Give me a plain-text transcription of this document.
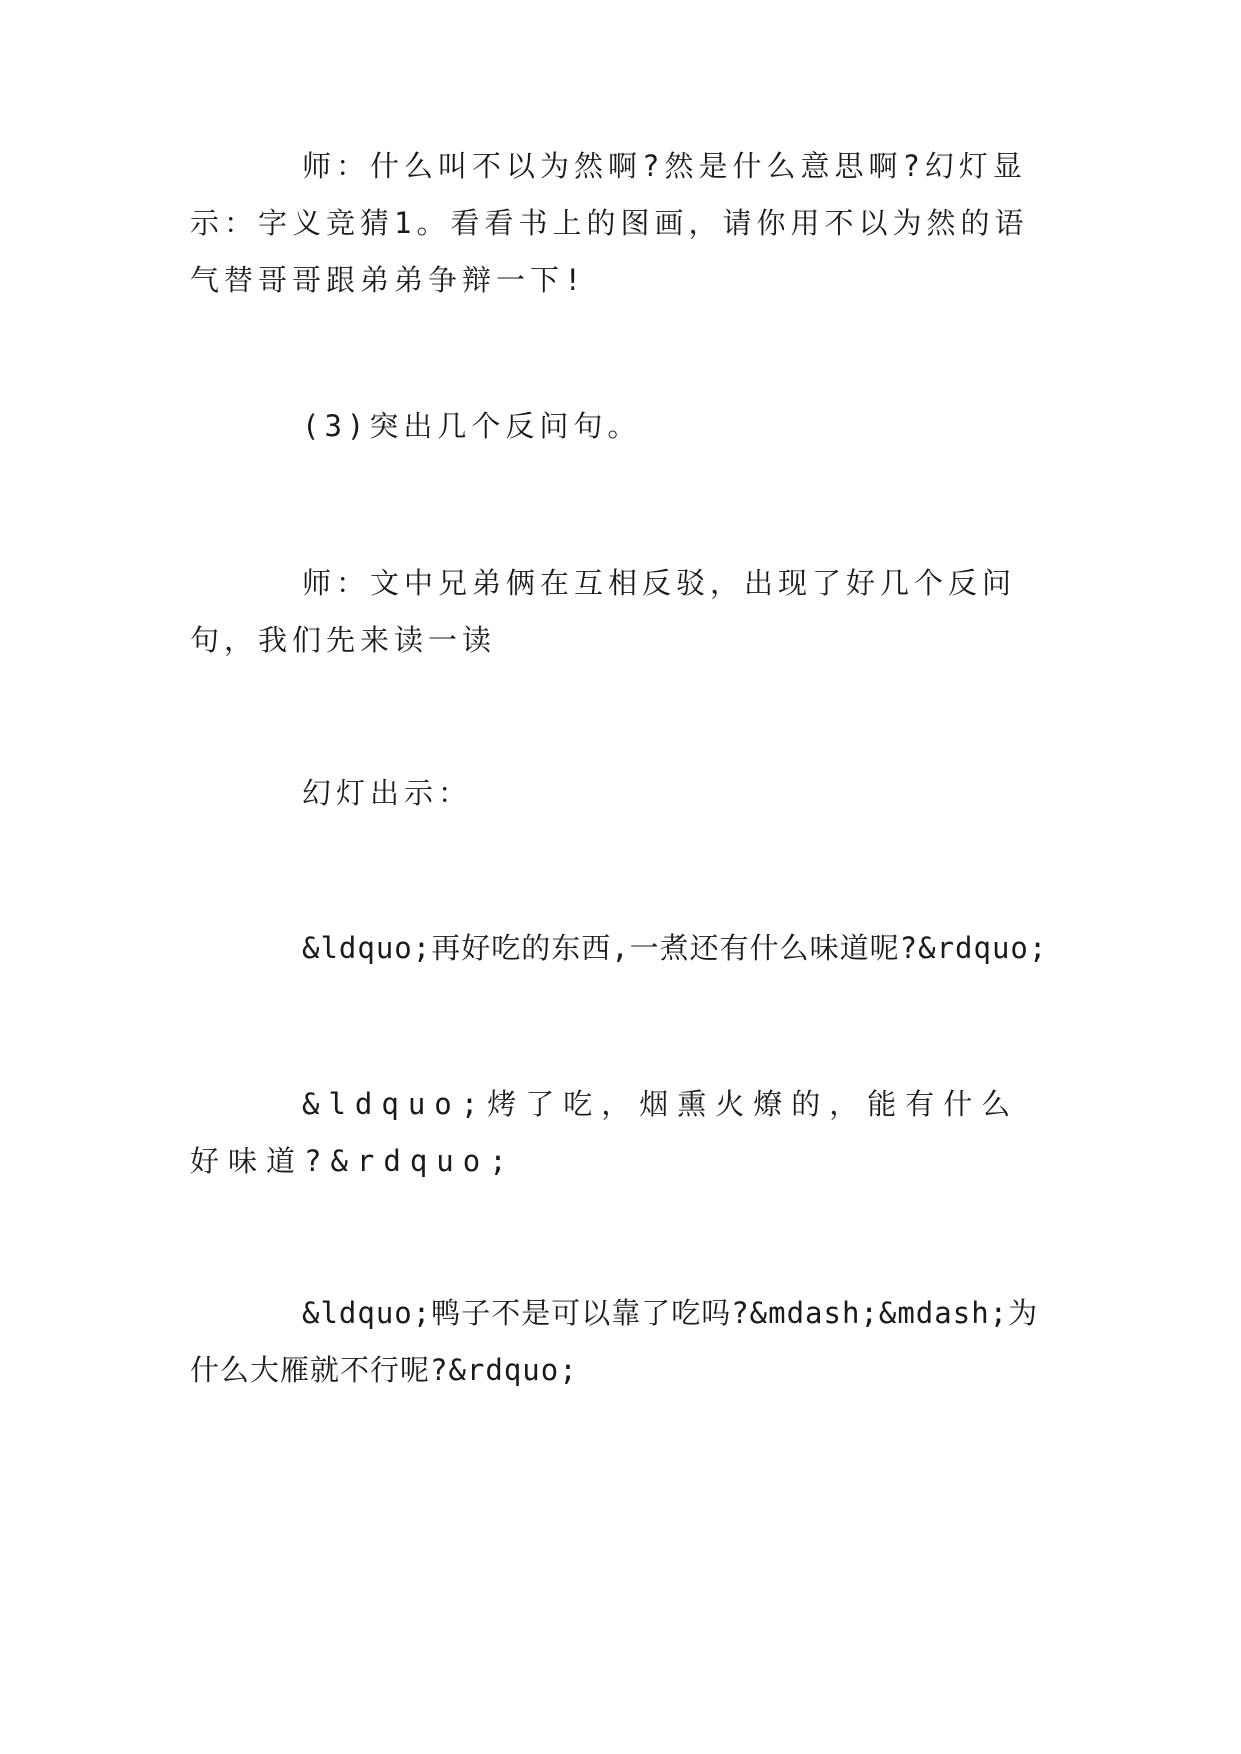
师：什么叫不以为然啊?然是什么意思啊?幻灯显示：字义竞猜1。看看书上的图画，请你用不以为然的语气替哥哥跟弟弟争辩一下!

(3)突出几个反问句。

师：文中兄弟俩在互相反驳，出现了好几个反问句，我们先来读一读

幻灯出示：

&ldquo;再好吃的东西,一煮还有什么味道呢?&rdquo;

&ldquo;烤了吃，烟熏火燎的，能有什么好味道?&rdquo;

&ldquo;鸭子不是可以靠了吃吗?&mdash;&mdash;为什么大雁就不行呢?&rdquo;
